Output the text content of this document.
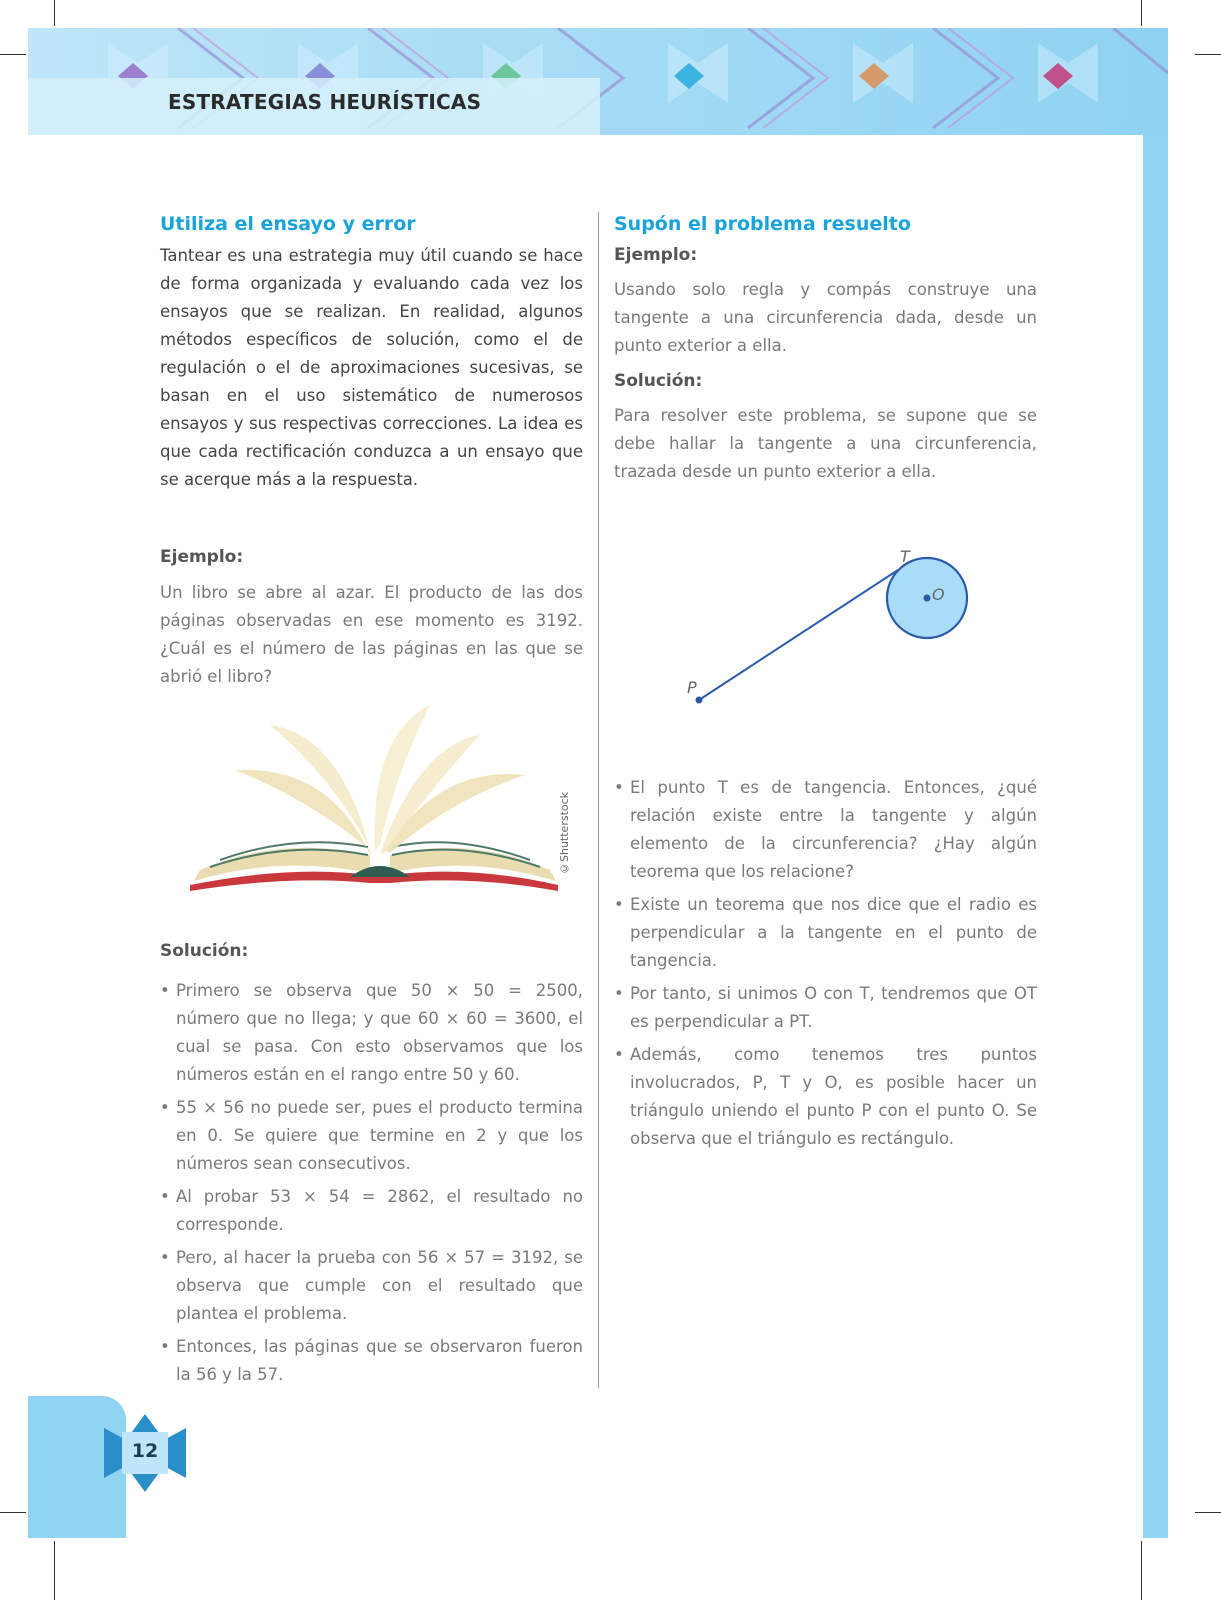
ESTRATEGIAS HEURÍSTICAS
Utiliza el ensayo y error

Tantear es una estrategia muy útil cuando se hace de forma organizada y evaluando cada vez los ensayos que se realizan. En realidad, algunos métodos específicos de solución, como el de regulación o el de aproximaciones sucesivas, se basan en el uso sistemático de numerosos ensayos y sus respectivas correcciones. La idea es que cada rectificación conduzca a un ensayo que se acerque más a la respuesta.

Ejemplo:

Un libro se abre al azar. El producto de las dos páginas observadas en ese momento es 3192. ¿Cuál es el número de las páginas en las que se abrió el libro?

©Shutterstock
Solución:
• Primero se observa que 50 × 50 = 2500, número que no llega; y que 60 × 60 = 3600, el cual se pasa. Con esto observamos que los números están en el rango entre 50 y 60.
• 55 × 56 no puede ser, pues el producto termina en 0. Se quiere que termine en 2 y que los números sean consecutivos.
• Al probar 53 × 54 = 2862, el resultado no corresponde.
• Pero, al hacer la prueba con 56 × 57 = 3192, se observa que cumple con el resultado que plantea el problema.
• Entonces, las páginas que se observaron fueron la 56 y la 57.
Supón el problema resuelto
Ejemplo:

Usando solo regla y compás construye una tangente a una circunferencia dada, desde un punto exterior a ella.

Solución:

Para resolver este problema, se supone que se debe hallar la tangente a una circunferencia, trazada desde un punto exterior a ella.

T
O
P
• El punto T es de tangencia. Entonces, ¿qué relación existe entre la tangente y algún elemento de la circunferencia? ¿Hay algún teorema que los relacione?
• Existe un teorema que nos dice que el radio es perpendicular a la tangente en el punto de tangencia.
• Por tanto, si unimos O con T, tendremos que OT es perpendicular a PT.
• Además, como tenemos tres puntos involucrados, P, T y O, es posible hacer un triángulo uniendo el punto P con el punto O. Se observa que el triángulo es rectángulo.
12
